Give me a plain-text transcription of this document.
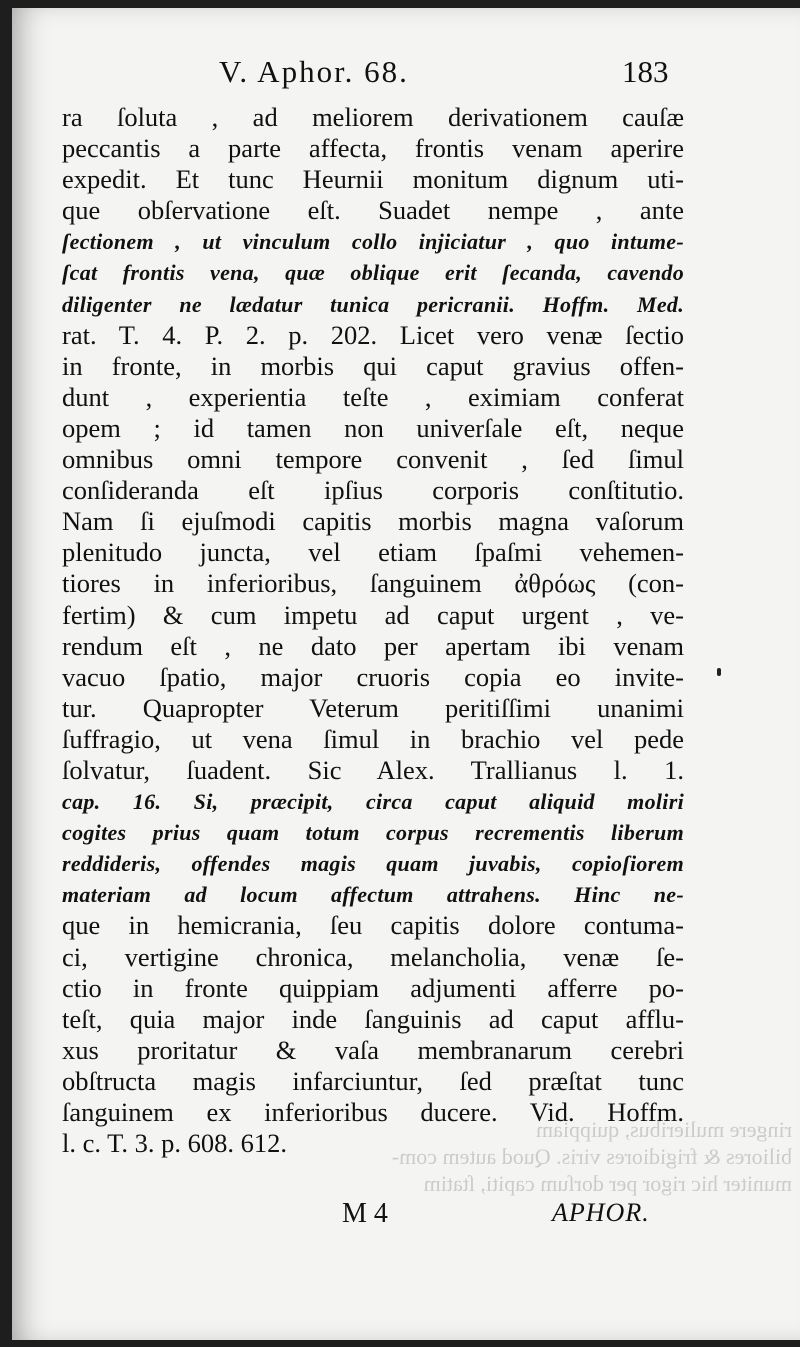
V. Aphor. 68.	183
ra ſoluta , ad meliorem derivationem cauſæ
peccantis a parte affecta, frontis venam aperire
expedit. Et tunc Heurnii monitum dignum uti-
que obſervatione eſt. Suadet nempe , ante
ſectionem , ut vinculum collo injiciatur , quo intume-
ſcat frontis vena, quæ oblique erit ſecanda, cavendo
diligenter ne lædatur tunica pericranii. Hoffm. Med.
rat. T. 4. P. 2. p. 202. Licet vero venæ ſectio
in fronte, in morbis qui caput gravius offen-
dunt , experientia teſte , eximiam conferat
opem ; id tamen non univerſale eſt, neque
omnibus omni tempore convenit , ſed ſimul
conſideranda eſt ipſius corporis conſtitutio.
Nam ſi ejuſmodi capitis morbis magna vaſorum
plenitudo juncta, vel etiam ſpaſmi vehemen-
tiores in inferioribus, ſanguinem ἀθρόως (con-
fertim) & cum impetu ad caput urgent , ve-
rendum eſt , ne dato per apertam ibi venam
vacuo ſpatio, major cruoris copia eo invite-
tur. Quapropter Veterum peritiſſimi unanimi
ſuffragio, ut vena ſimul in brachio vel pede
ſolvatur, ſuadent. Sic Alex. Trallianus l. 1.
cap. 16. Si, præcipit, circa caput aliquid moliri
cogites prius quam totum corpus recrementis liberum
reddideris, offendes magis quam juvabis, copioſiorem
materiam ad locum affectum attrahens. Hinc ne-
que in hemicrania, ſeu capitis dolore contuma-
ci, vertigine chronica, melancholia, venæ ſe-
ctio in fronte quippiam adjumenti afferre po-
teſt, quia major inde ſanguinis ad caput afflu-
xus proritatur & vaſa membranarum cerebri
obſtructa magis infarciuntur, ſed præſtat tunc
ſanguinem ex inferioribus ducere. Vid. Hoffm.
l. c. T. 3. p. 608. 612.	ringere mulieribus, quippiam
biliores & frigidiores viris. Quod autem com-
muniter hic rigor per dorſum capiti, ſtatim
M 4	APHOR.
